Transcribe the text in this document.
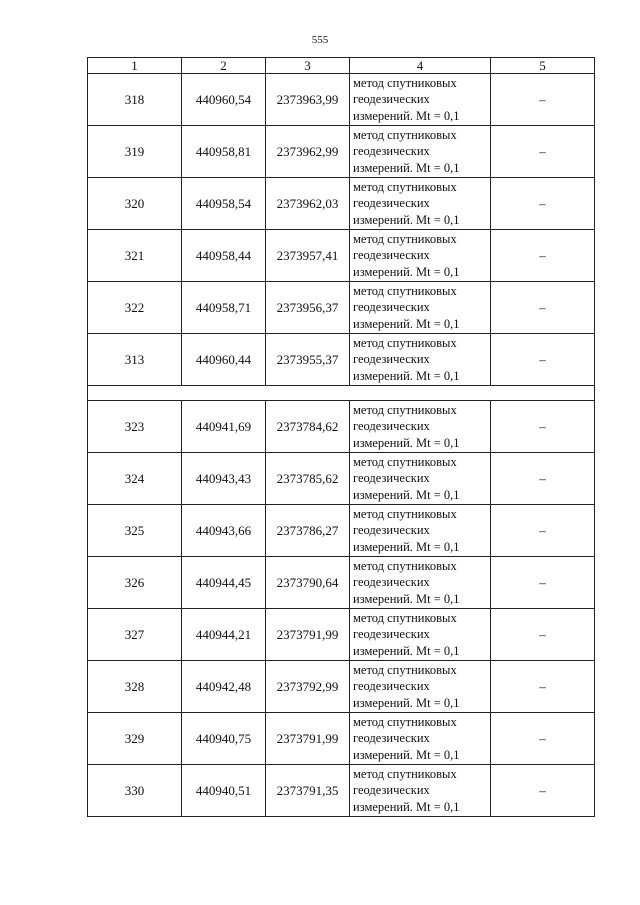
555
1	2	3	4	5
318	440960,54	2373963,99	метод спутниковых
геодезических
измерений. Mt = 0,1	–
319	440958,81	2373962,99	метод спутниковых
геодезических
измерений. Mt = 0,1	–
320	440958,54	2373962,03	метод спутниковых
геодезических
измерений. Mt = 0,1	–
321	440958,44	2373957,41	метод спутниковых
геодезических
измерений. Mt = 0,1	–
322	440958,71	2373956,37	метод спутниковых
геодезических
измерений. Mt = 0,1	–
313	440960,44	2373955,37	метод спутниковых
геодезических
измерений. Mt = 0,1	–

323	440941,69	2373784,62	метод спутниковых
геодезических
измерений. Mt = 0,1	–
324	440943,43	2373785,62	метод спутниковых
геодезических
измерений. Mt = 0,1	–
325	440943,66	2373786,27	метод спутниковых
геодезических
измерений. Mt = 0,1	–
326	440944,45	2373790,64	метод спутниковых
геодезических
измерений. Mt = 0,1	–
327	440944,21	2373791,99	метод спутниковых
геодезических
измерений. Mt = 0,1	–
328	440942,48	2373792,99	метод спутниковых
геодезических
измерений. Mt = 0,1	–
329	440940,75	2373791,99	метод спутниковых
геодезических
измерений. Mt = 0,1	–
330	440940,51	2373791,35	метод спутниковых
геодезических
измерений. Mt = 0,1	–
